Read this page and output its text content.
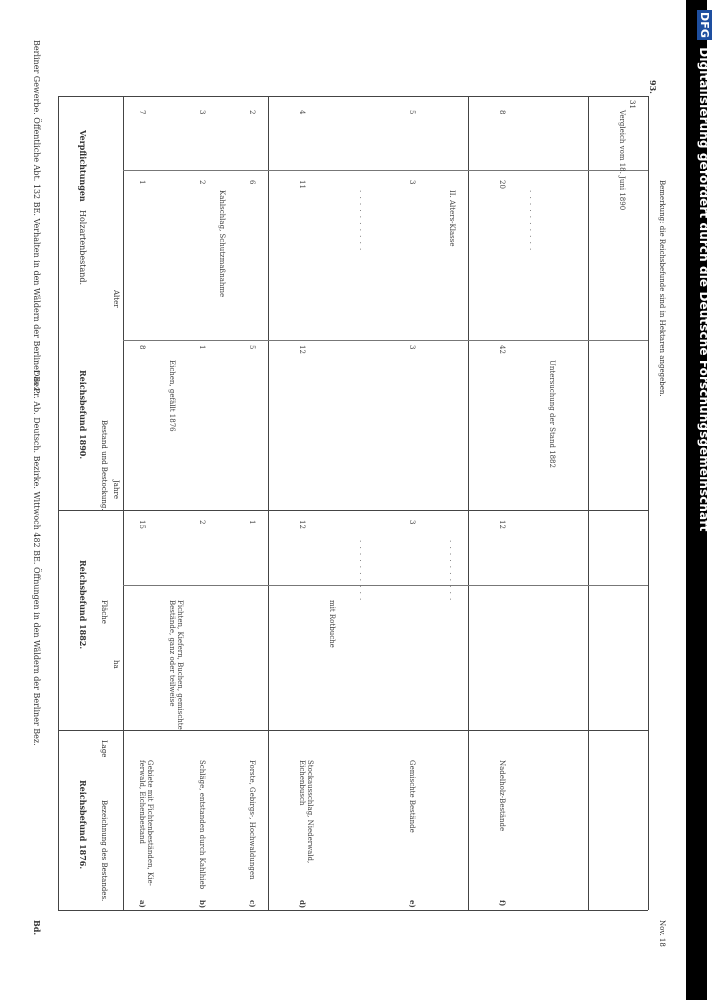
DFG Digitalisierung gefördert durch die Deutsche Forschungsgemeinschaft
Das Pr. Ab. Deutsch. Bezirke. Wittwoch 482 BE. Öffnungen in den Wäldern der Berliner Bez.
Berliner Gewerbe. Öffentliche Abt. 132 BE. Verhalten in den Wäldern der Berliner Bez.
Bd.
93.
Reichsbefund 1876.
Reichsbefund 1882.
Reichsbefund 1890.
Verpflichtungen
Holzartenbestand.
Bezeichnung des Bestandes.
Lage
Fläche
Bestand und Bestockung.
ha
Jahre
Alter
Gebiete mit Fichtenbeständen, Kie- ferwald, Eichenbestand
a)
15
8
1
7
Schläge, entstanden durch Kahlhieb
b)
2
1
2
3
Forste, Gebirgs-, Hochwaldungen
c)
1
5
6
2
Stockausschlag, Niederwald, Eichenbusch
d)
12
12
11
4
Gemischte Bestände
e)
3
3
3
5
Nadelholz-Bestände
f)
12
42
20
8
Fichten, Kiefern, Buchen, gemischte Bestände, ganz oder teilweise
Eichen, gefällt 1876
Kahlschlag, Schutzmaßnahme
mit Rotbuche
II. Alters-Klasse
Untersuchung der Stand 1882
Vergleich vom 18. Juni 1890
. . . . . . . . . .
. . . . . . . . . .
. . . . . . . . . .
. . . . . . . . . .	Bemerkung: die Reichsbefunde sind in Hektaren angegeben.
Nov. 18
31
